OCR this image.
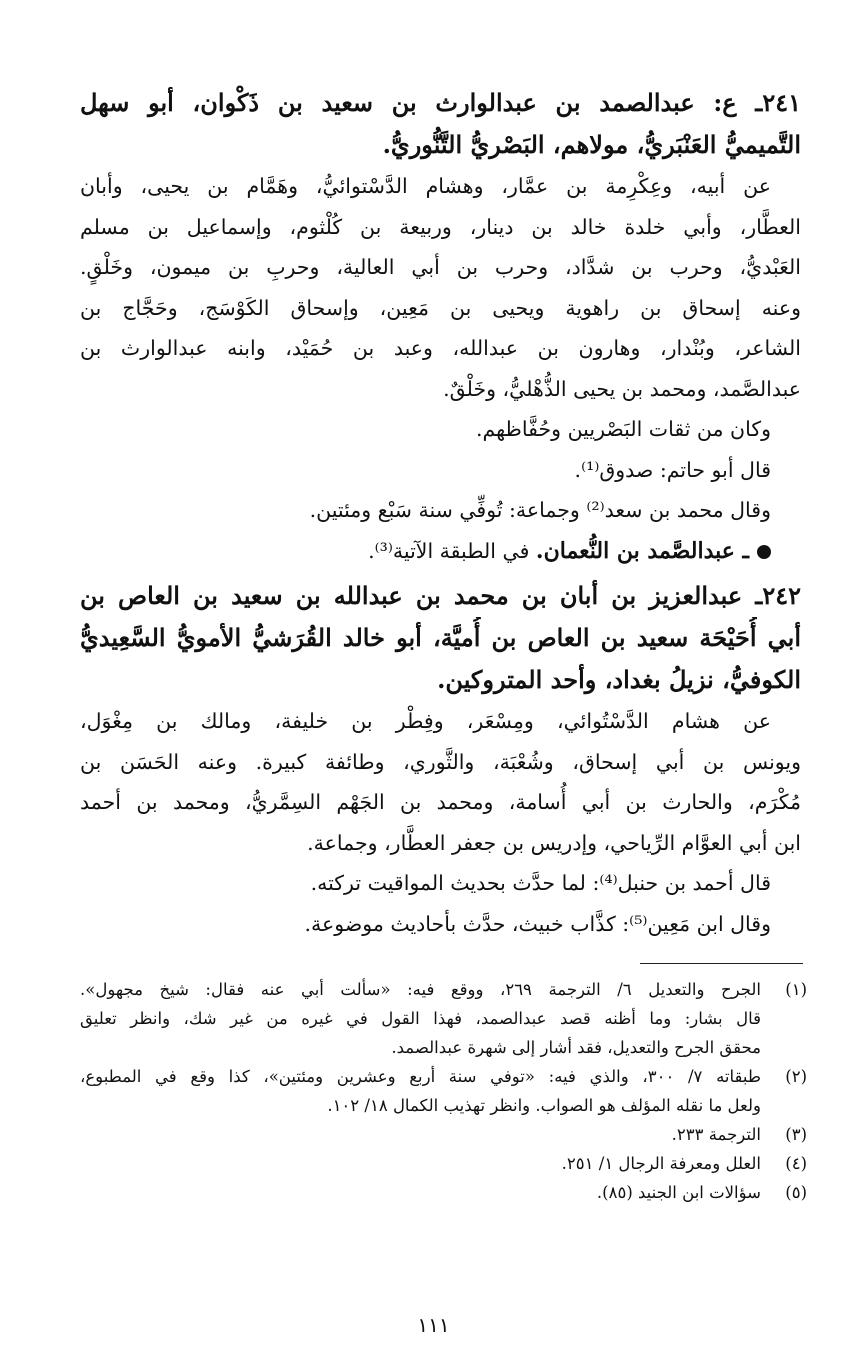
٢٤١ـ ع: عبدالصمد بن عبدالوارث بن سعيد بن ذَكْوان، أبو سهل
التَّميميُّ العَنْبَريُّ، مولاهم، البَصْريُّ التَّنُّوريُّ.
عن أبيه، وعِكْرِمة بن عمَّار، وهشام الدَّسْتوائيُّ، وهَمَّام بن يحيى، وأبان
العطَّار، وأبي خلدة خالد بن دينار، وربيعة بن كُلْثوم، وإسماعيل بن مسلم
العَبْديُّ، وحرب بن شدَّاد، وحرب بن أبي العالية، وحربِ بن ميمون، وخَلْقٍ.
وعنه إسحاق بن راهوية ويحيى بن مَعِين، وإسحاق الكَوْسَج، وحَجَّاج بن
الشاعر، وبُنْدار، وهارون بن عبدالله، وعبد بن حُمَيْد، وابنه عبدالوارث بن
عبدالصَّمد، ومحمد بن يحيى الذُّهْليُّ، وخَلْقٌ.
وكان من ثقات البَصْريين وحُفَّاظهم.
قال أبو حاتم: صدوق⁽¹⁾.
وقال محمد بن سعد⁽²⁾ وجماعة: تُوفِّي سنة سَبْع ومئتين.
ـ عبدالصَّمد بن النُّعمان. في الطبقة الآتية⁽³⁾.
٢٤٢ـ عبدالعزيز بن أبان بن محمد بن عبدالله بن سعيد بن العاص بن
أبي أُحَيْحَة سعيد بن العاص بن أُميَّة، أبو خالد القُرَشيُّ الأمويُّ السَّعِيديُّ
الكوفيُّ، نزيلُ بغداد، وأحد المتروكين.
عن هشام الدَّسْتُوائي، ومِسْعَر، وفِطْر بن خليفة، ومالك بن مِغْوَل،
ويونس بن أبي إسحاق، وشُعْبَة، والثَّوري، وطائفة كبيرة. وعنه الحَسَن بن
مُكْرَم، والحارث بن أبي أُسامة، ومحمد بن الجَهْم السِمَّريُّ، ومحمد بن أحمد
ابن أبي العوَّام الرِّياحي، وإدريس بن جعفر العطَّار، وجماعة.
قال أحمد بن حنبل⁽⁴⁾: لما حدَّث بحديث المواقيت تركته.
وقال ابن مَعِين⁽⁵⁾: كذَّاب خبيث، حدَّث بأحاديث موضوعة.
(١)
الجرح والتعديل ٦/ الترجمة ٢٦٩، ووقع فيه: «سألت أبي عنه فقال: شيخ مجهول».
قال بشار: وما أظنه قصد عبدالصمد، فهذا القول في غيره من غير شك، وانظر تعليق
محقق الجرح والتعديل، فقد أشار إلى شهرة عبدالصمد.
(٢)
طبقاته ٧/ ٣٠٠، والذي فيه: «توفي سنة أربع وعشرين ومئتين»، كذا وقع في المطبوع،
ولعل ما نقله المؤلف هو الصواب. وانظر تهذيب الكمال ١٨/ ١٠٢.
(٣)
الترجمة ٢٣٣.
(٤)
العلل ومعرفة الرجال ١/ ٢٥١.
(٥)
سؤالات ابن الجنيد (٨٥).
١١١
